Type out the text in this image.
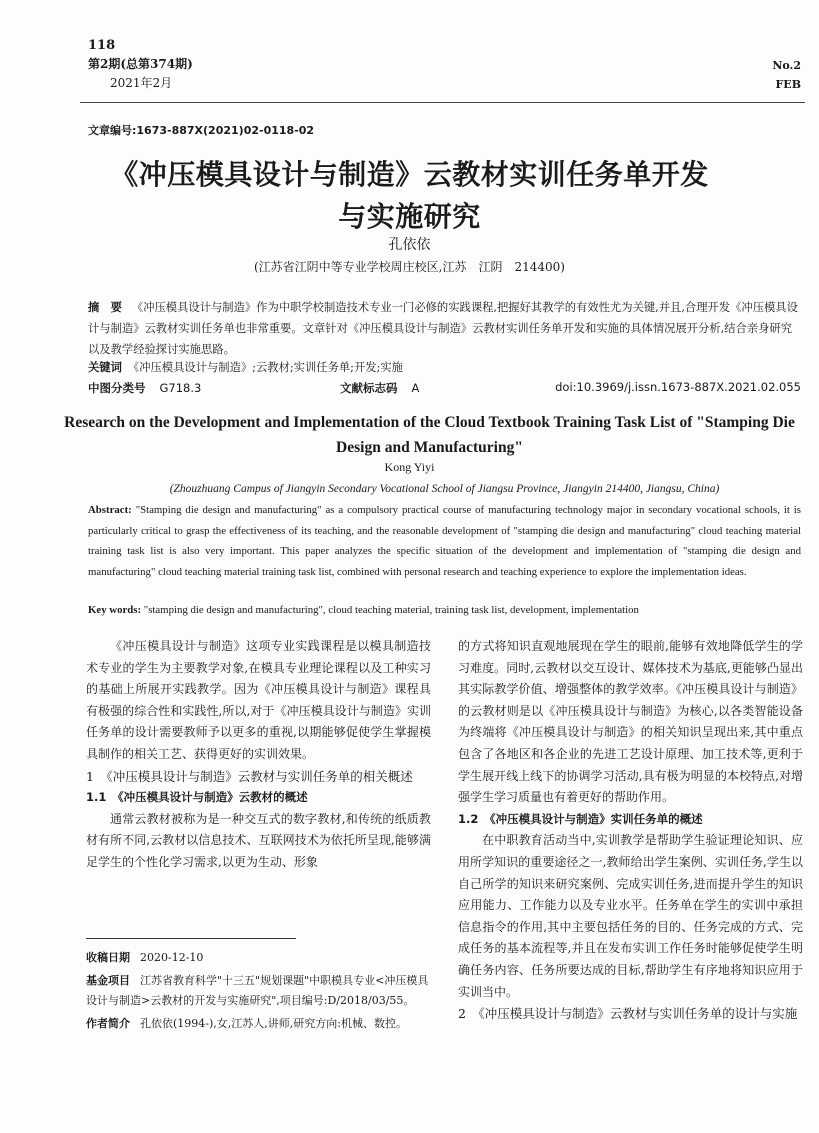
118
第2期(总第374期)
2021年2月
No.2
FEB
文章编号:1673-887X(2021)02-0118-02
《冲压模具设计与制造》云教材实训任务单开发
与实施研究
孔依依
(江苏省江阴中等专业学校周庄校区,江苏　江阴　214400)
摘　要 《冲压模具设计与制造》作为中职学校制造技术专业一门必修的实践课程,把握好其教学的有效性尤为关键,并且,合理开发《冲压模具设计与制造》云教材实训任务单也非常重要。文章针对《冲压模具设计与制造》云教材实训任务单开发和实施的具体情况展开分析,结合亲身研究以及教学经验探讨实施思路。
关键词 《冲压模具设计与制造》;云教材;实训任务单;开发;实施
中图分类号 G718.3	文献标志码 A	doi:10.3969/j.issn.1673-887X.2021.02.055
Research on the Development and Implementation of the Cloud Textbook Training Task List of "Stamping Die Design and Manufacturing"
Kong Yiyi
(Zhouzhuang Campus of Jiangyin Secondary Vocational School of Jiangsu Province, Jiangyin 214400, Jiangsu, China)
Abstract: "Stamping die design and manufacturing" as a compulsory practical course of manufacturing technology major in secondary vocational schools, it is particularly critical to grasp the effectiveness of its teaching, and the reasonable development of "stamping die design and manufacturing" cloud teaching material training task list is also very important. This paper analyzes the specific situation of the development and implementation of "stamping die design and manufacturing" cloud teaching material training task list, combined with personal research and teaching experience to explore the implementation ideas.
Key words: "stamping die design and manufacturing", cloud teaching material, training task list, development, implementation

《冲压模具设计与制造》这项专业实践课程是以模具制造技术专业的学生为主要教学对象,在模具专业理论课程以及工种实习的基础上所展开实践教学。因为《冲压模具设计与制造》课程具有极强的综合性和实践性,所以,对于《冲压模具设计与制造》实训任务单的设计需要教师予以更多的重视,以期能够促使学生掌握模具制作的相关工艺、获得更好的实训效果。

1　《冲压模具设计与制造》云教材与实训任务单的相关概述
1.1　《冲压模具设计与制造》云教材的概述

通常云教材被称为是一种交互式的数字教材,和传统的纸质教材有所不同,云教材以信息技术、互联网技术为依托所呈现,能够满足学生的个性化学习需求,以更为生动、形象

的方式将知识直观地展现在学生的眼前,能够有效地降低学生的学习难度。同时,云教材以交互设计、媒体技术为基底,更能够凸显出其实际教学价值、增强整体的教学效率。《冲压模具设计与制造》的云教材则是以《冲压模具设计与制造》为核心,以各类智能设备为终端将《冲压模具设计与制造》的相关知识呈现出来,其中重点包含了各地区和各企业的先进工艺设计原理、加工技术等,更利于学生展开线上线下的协调学习活动,具有极为明显的本校特点,对增强学生学习质量也有着更好的帮助作用。

1.2　《冲压模具设计与制造》实训任务单的概述

在中职教育活动当中,实训教学是帮助学生验证理论知识、应用所学知识的重要途径之一,教师给出学生案例、实训任务,学生以自己所学的知识来研究案例、完成实训任务,进而提升学生的知识应用能力、工作能力以及专业水平。任务单在学生的实训中承担信息指令的作用,其中主要包括任务的目的、任务完成的方式、完成任务的基本流程等,并且在发布实训工作任务时能够促使学生明确任务内容、任务所要达成的目标,帮助学生有序地将知识应用于实训当中。

2　《冲压模具设计与制造》云教材与实训任务单的设计与实施
收稿日期 2020-12-10
基金项目 江苏省教育科学"十三五"规划课题"中职模具专业<冲压模具设计与制造>云教材的开发与实施研究",项目编号:D/2018/03/55。
作者简介 孔依依(1994-),女,江苏人,讲师,研究方向:机械、数控。
